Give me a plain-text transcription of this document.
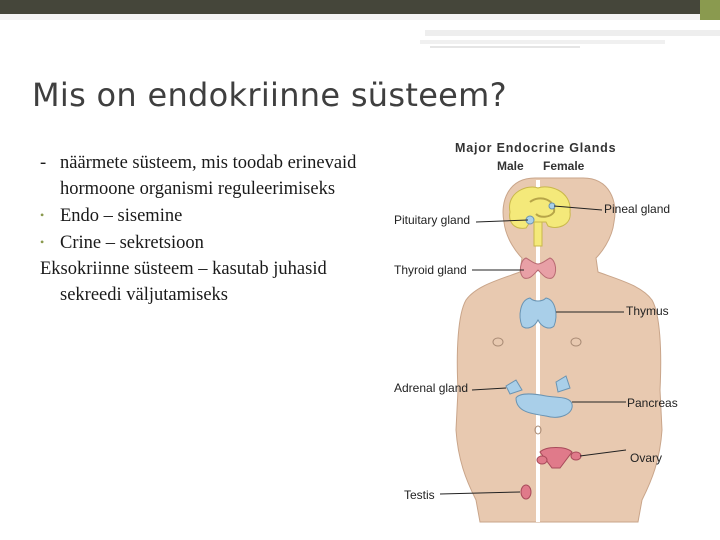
Mis on endokriinne süsteem?
- näärmete süsteem, mis toodab erinevaid hormoone organismi reguleerimiseks
• Endo – sisemine
• Crine – sekretsioon
Eksokriinne süsteem – kasutab juhasid sekreedi väljutamiseks
Major Endocrine Glands
Male Female
Pituitary gland
Pineal gland
Thyroid gland
Thymus
Adrenal gland
Pancreas
Ovary
Testis
